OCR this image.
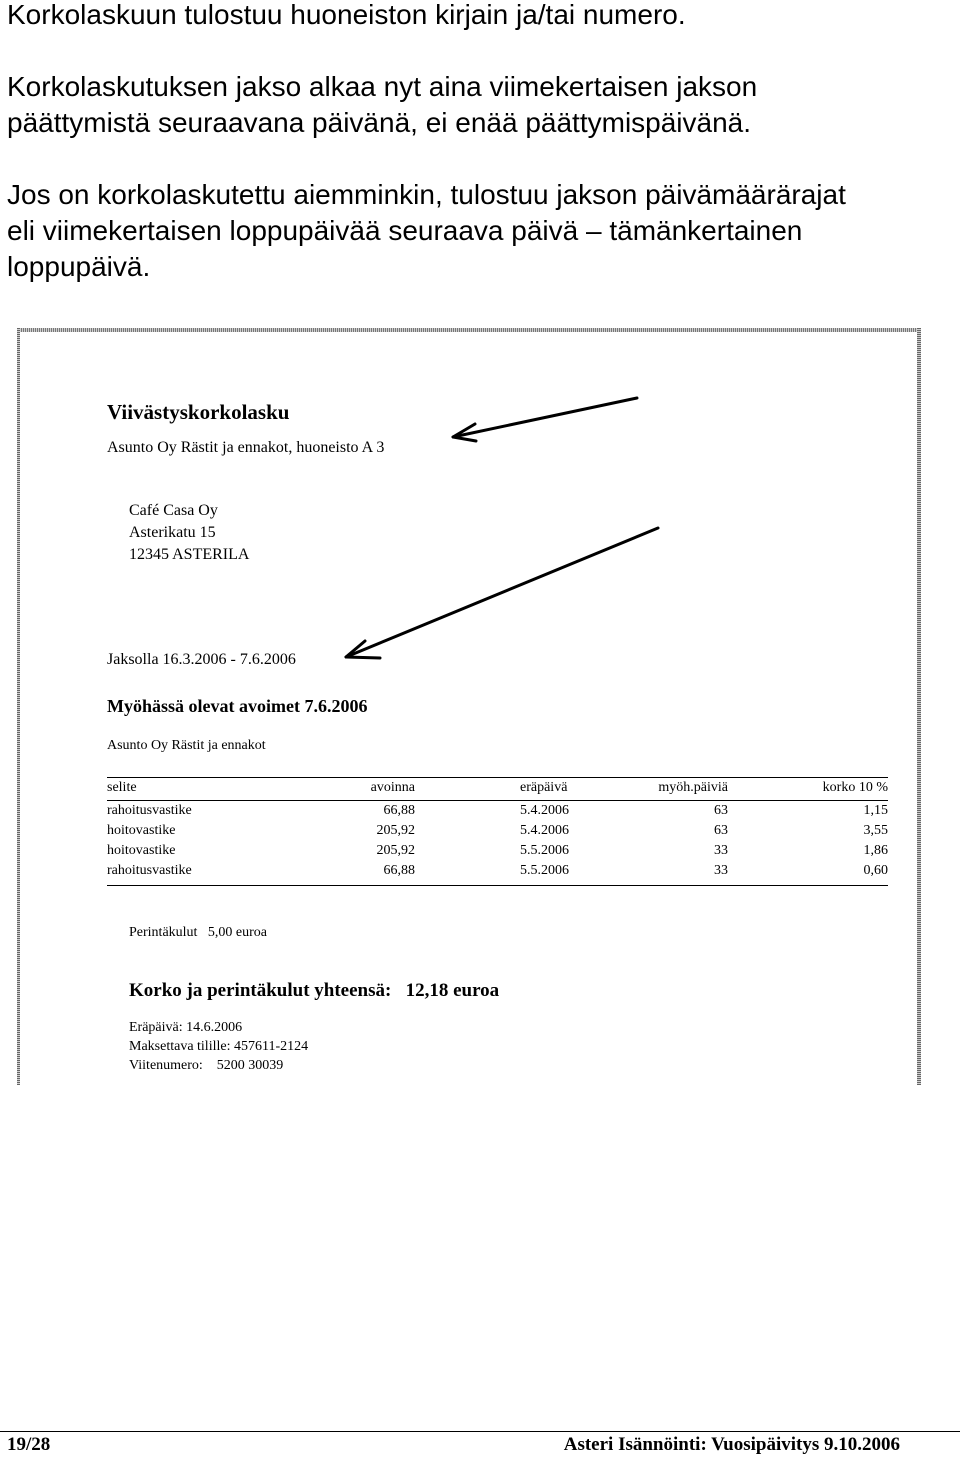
Korkolaskuun tulostuu huoneiston kirjain ja/tai numero.

Korkolaskutuksen jakso alkaa nyt aina viimekertaisen jakson
päättymistä seuraavana päivänä, ei enää päättymispäivänä.
Jos on korkolaskutettu aiemminkin, tulostuu jakson päivämäärärajat
eli viimekertaisen loppupäivää seuraava päivä – tämänkertainen
loppupäivä.
Viivästyskorkolasku
Asunto Oy Rästit ja ennakot, huoneisto A 3
Café Casa Oy
Asterikatu 15
12345 ASTERILA
Jaksolla 16.3.2006 - 7.6.2006
Myöhässä olevat avoimet 7.6.2006
Asunto Oy Rästit ja ennakot
selite	avoinna	eräpäivä	myöh.päiviä	korko 10 %
rahoitusvastike	66,88	5.4.2006	63	1,15
hoitovastike	205,92	5.4.2006	63	3,55
hoitovastike	205,92	5.5.2006	33	1,86
rahoitusvastike	66,88	5.5.2006	33	0,60
Perintäkulut   5,00 euroa
Korko ja perintäkulut yhteensä:   12,18 euroa
Eräpäivä: 14.6.2006
Maksettava tilille: 457611-2124
Viitenumero:    5200 30039
19/28	Asteri Isännöinti: Vuosipäivitys 9.10.2006
